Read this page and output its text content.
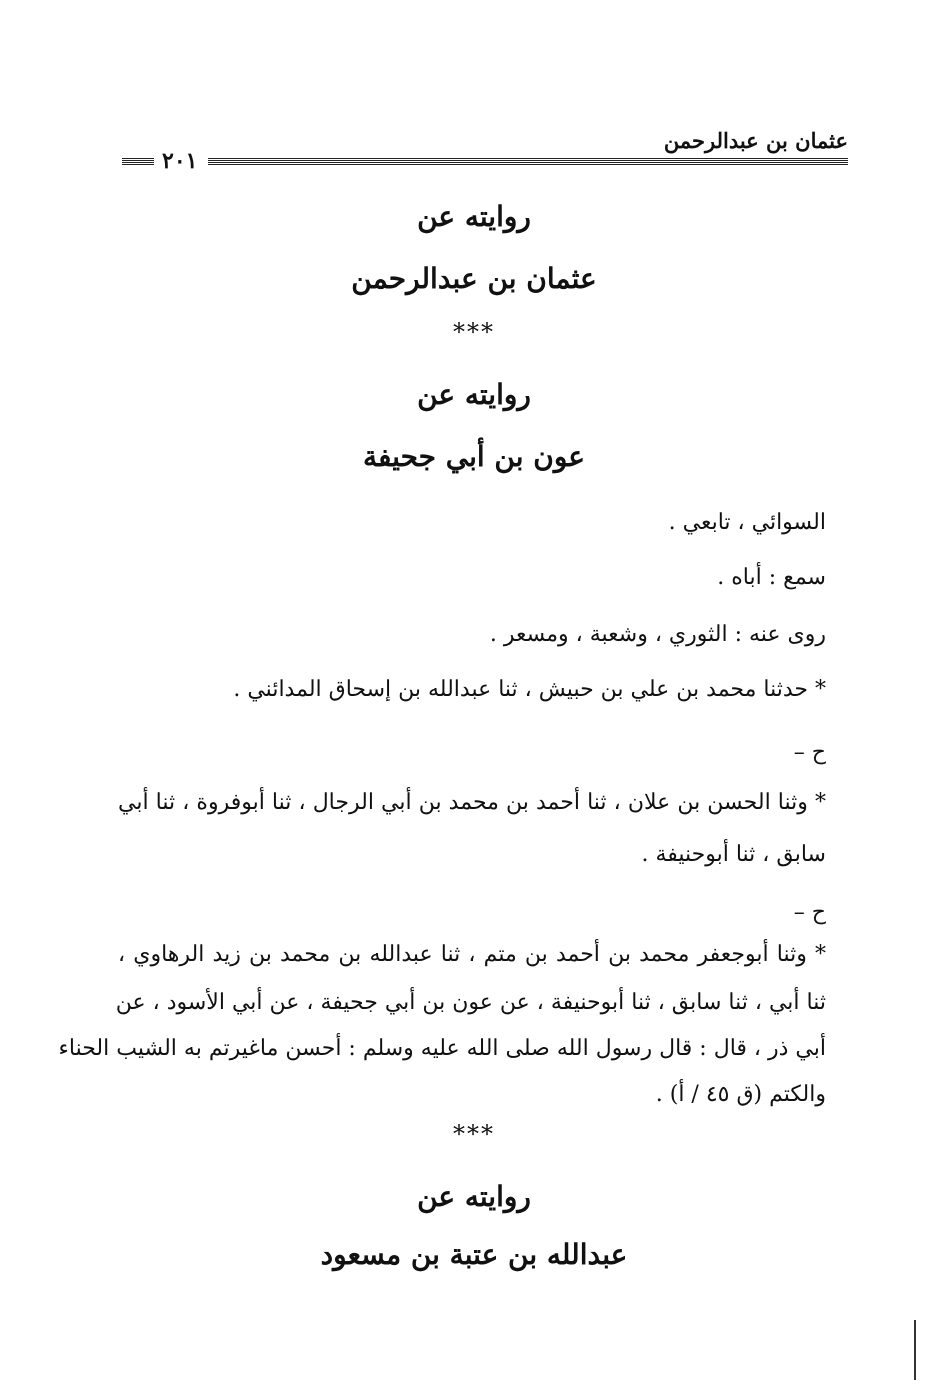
عثمان بن عبدالرحمن
٢٠١
روايته عن
عثمان بن عبدالرحمن
***
روايته عن
عون بن أبي جحيفة
السوائي ، تابعي .
سمع : أباه .
روى عنه : الثوري ، وشعبة ، ومسعر .
* حدثنا محمد بن علي بن حبيش ، ثنا عبدالله بن إسحاق المدائني .
ح –
* وثنا الحسن بن علان ، ثنا أحمد بن محمد بن أبي الرجال ، ثنا أبوفروة ، ثنا أبي
سابق ، ثنا أبوحنيفة .
ح –
* وثنا أبوجعفر محمد بن أحمد بن متم ، ثنا عبدالله بن محمد بن زيد الرهاوي ،
ثنا أبي ، ثنا سابق ، ثنا أبوحنيفة ، عن عون بن أبي جحيفة ، عن أبي الأسود ، عن
أبي ذر ، قال : قال رسول الله صلى الله عليه وسلم : أحسن ماغيرتم به الشيب الحناء
والكتم (ق ٤٥ / أ) .
***
روايته عن
عبدالله بن عتبة بن مسعود
